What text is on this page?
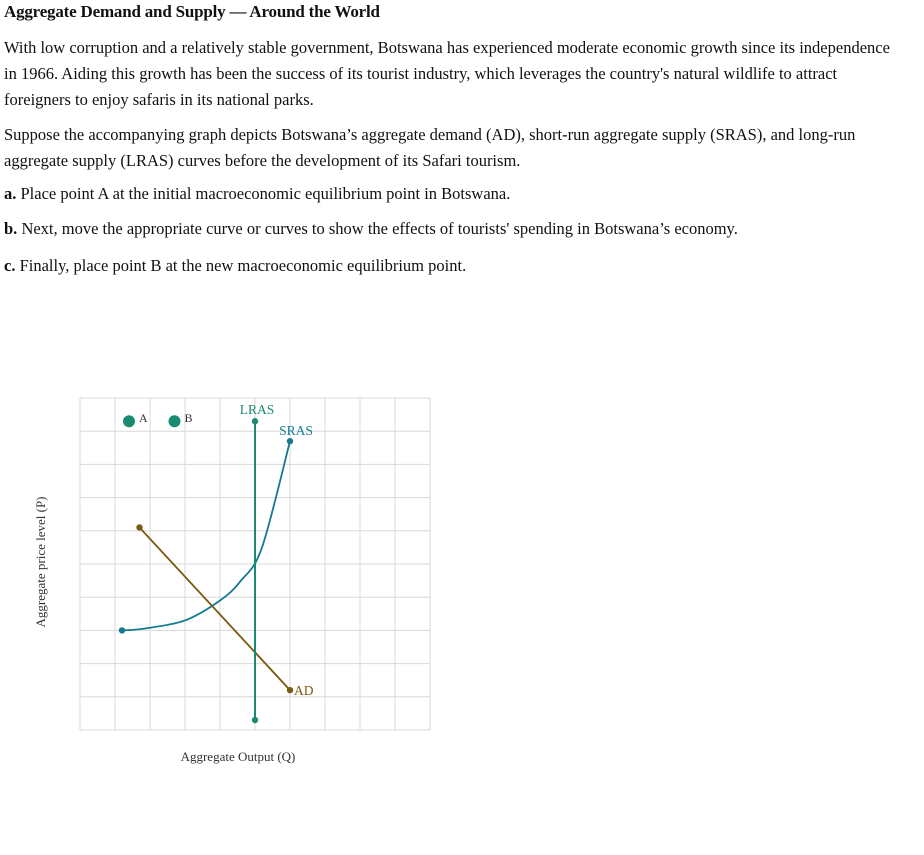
Aggregate Demand and Supply — Around the World

With low corruption and a relatively stable government, Botswana has experienced moderate economic growth since its independence in 1966. Aiding this growth has been the success of its tourist industry, which leverages the country's natural wildlife to attract foreigners to enjoy safaris in its national parks.

Suppose the accompanying graph depicts Botswana’s aggregate demand (AD), short-run aggregate supply (SRAS), and long-run aggregate supply (LRAS) curves before the development of its Safari tourism.

a. Place point A at the initial macroeconomic equilibrium point in Botswana.

b. Next, move the appropriate curve or curves to show the effects of tourists' spending in Botswana’s economy.

c. Finally, place point B at the new macroeconomic equilibrium point.

Aggregate price level (P)
Aggregate Output (Q)
LRAS
SRAS
AD
A	B
